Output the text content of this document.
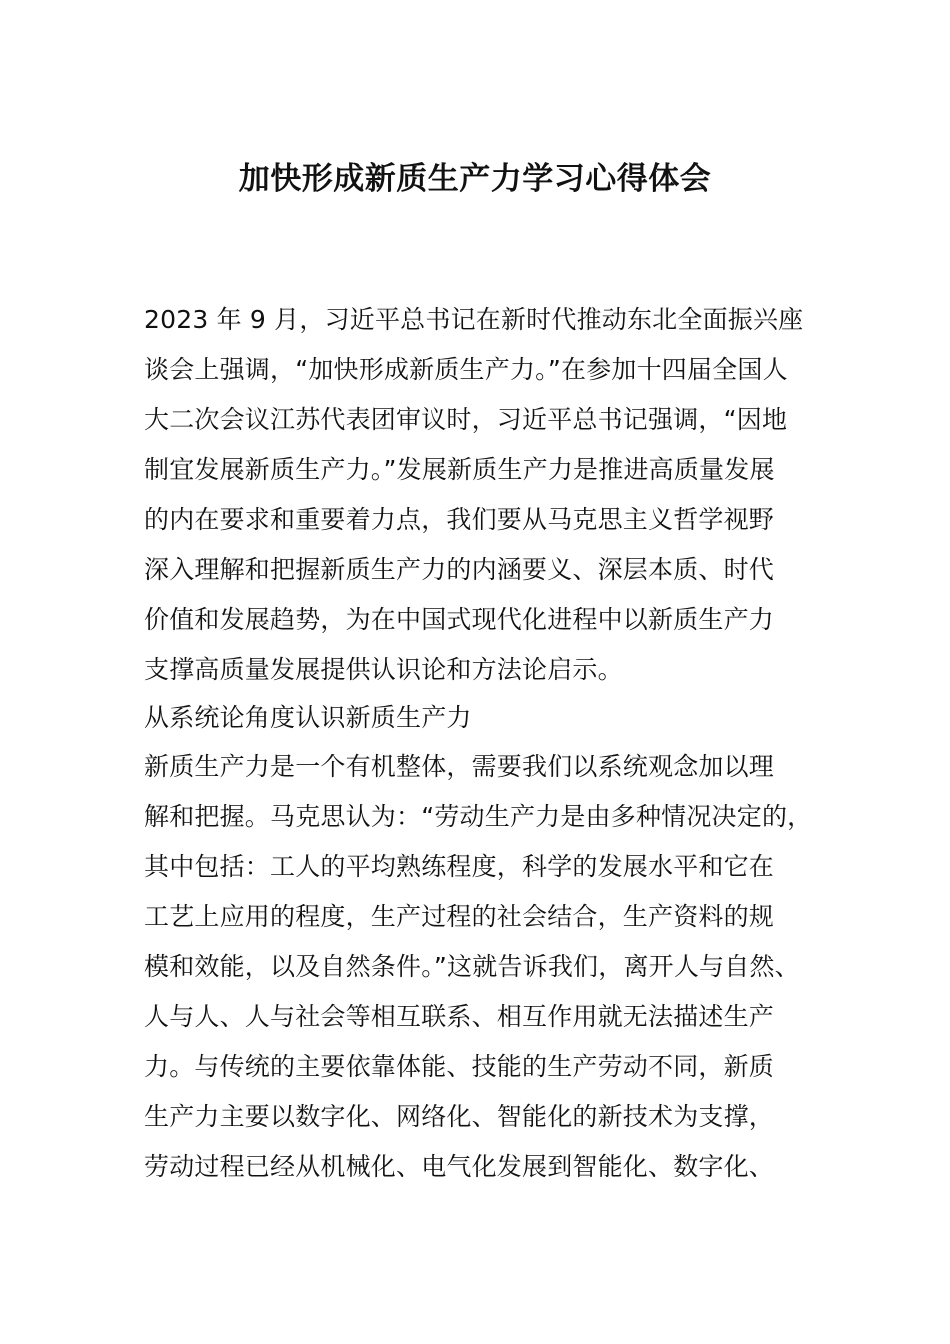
加快形成新质生产力学习心得体会

2023 年 9 月，习近平总书记在新时代推动东北全面振兴座

谈会上强调，“加快形成新质生产力。”在参加十四届全国人

大二次会议江苏代表团审议时，习近平总书记强调，“因地

制宜发展新质生产力。”发展新质生产力是推进高质量发展

的内在要求和重要着力点，我们要从马克思主义哲学视野

深入理解和把握新质生产力的内涵要义、深层本质、时代

价值和发展趋势，为在中国式现代化进程中以新质生产力

支撑高质量发展提供认识论和方法论启示。

从系统论角度认识新质生产力

新质生产力是一个有机整体，需要我们以系统观念加以理

解和把握。马克思认为：“劳动生产力是由多种情况决定的，

其中包括：工人的平均熟练程度，科学的发展水平和它在

工艺上应用的程度，生产过程的社会结合，生产资料的规

模和效能，以及自然条件。”这就告诉我们，离开人与自然、

人与人、人与社会等相互联系、相互作用就无法描述生产

力。与传统的主要依靠体能、技能的生产劳动不同，新质

生产力主要以数字化、网络化、智能化的新技术为支撑，

劳动过程已经从机械化、电气化发展到智能化、数字化、
